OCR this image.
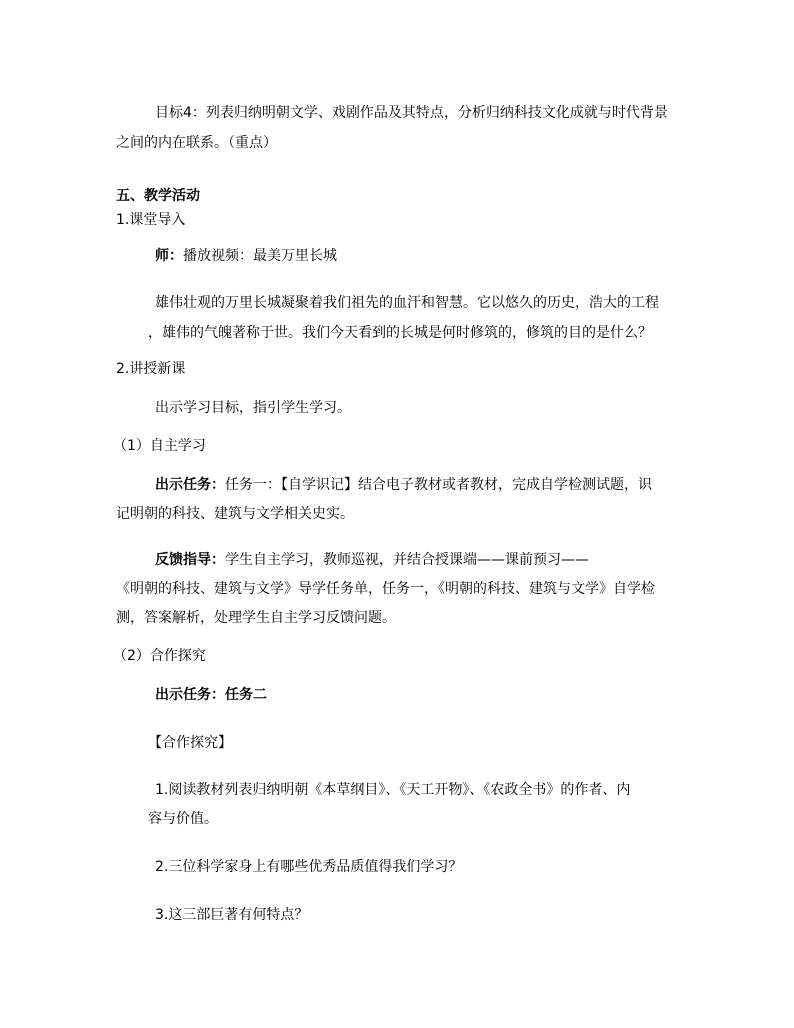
目标4：列表归纳明朝文学、戏剧作品及其特点，分析归纳科技文化成就与时代背景
之间的内在联系。（重点）
五、教学活动
1.课堂导入
师：播放视频：最美万里长城
雄伟壮观的万里长城凝聚着我们祖先的血汗和智慧。它以悠久的历史，浩大的工程
，雄伟的气魄著称于世。我们今天看到的长城是何时修筑的，修筑的目的是什么？
2.讲授新课
出示学习目标，指引学生学习。
（1）自主学习
出示任务：任务一：【自学识记】结合电子教材或者教材，完成自学检测试题，识
记明朝的科技、建筑与文学相关史实。
反馈指导：学生自主学习，教师巡视，并结合授课端——课前预习——
《明朝的科技、建筑与文学》导学任务单，任务一，《明朝的科技、建筑与文学》自学检
测，答案解析，处理学生自主学习反馈问题。
（2）合作探究
出示任务：任务二
【合作探究】
1.阅读教材列表归纳明朝《本草纲目》、《天工开物》、《农政全书》的作者、内
容与价值。
2.三位科学家身上有哪些优秀品质值得我们学习？
3.这三部巨著有何特点？
